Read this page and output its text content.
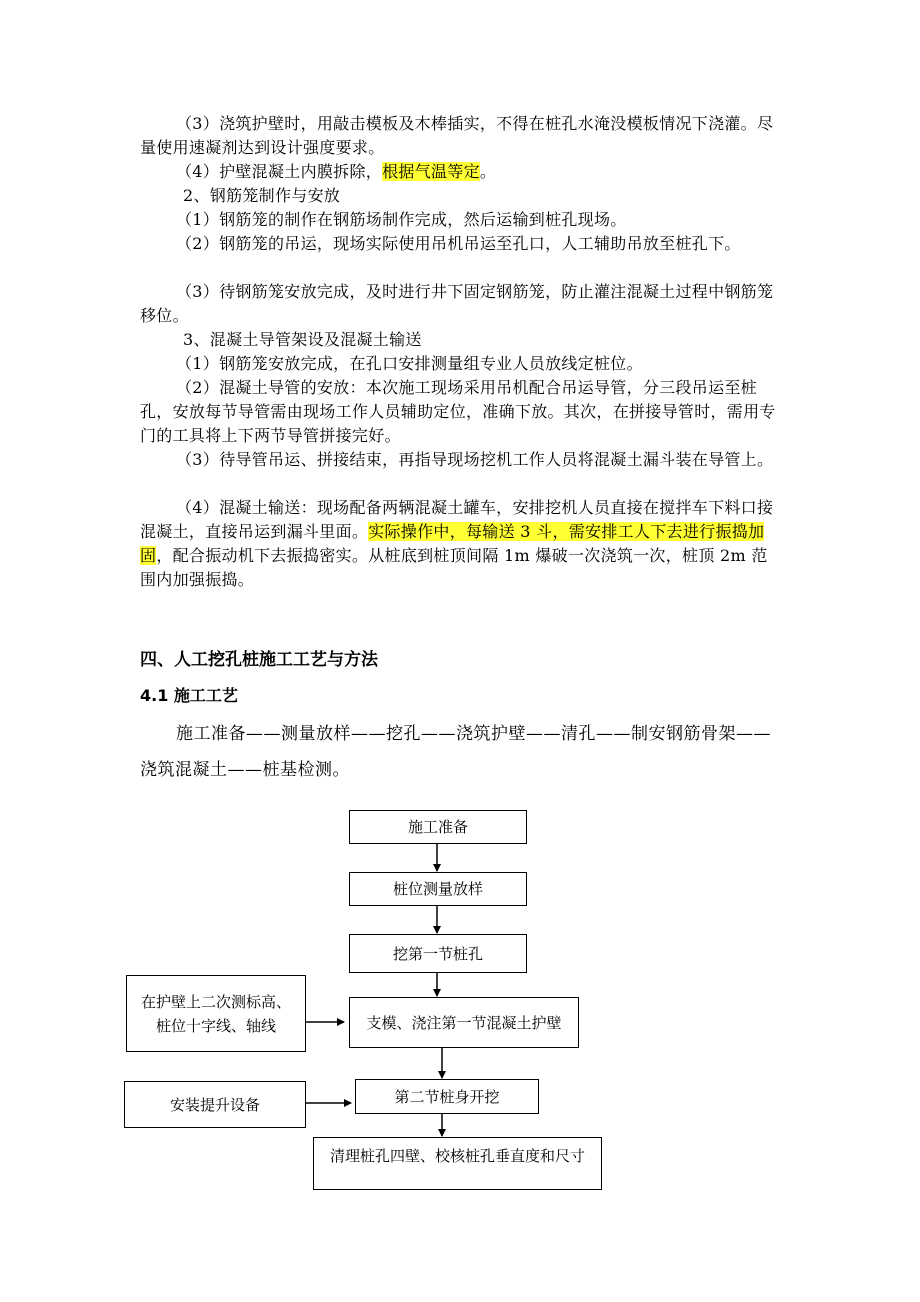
（3）浇筑护壁时，用敲击模板及木棒插实，不得在桩孔水淹没模板情况下浇灌。尽量使用速凝剂达到设计强度要求。

（4）护壁混凝土内膜拆除，根据气温等定。

2、钢筋笼制作与安放

（1）钢筋笼的制作在钢筋场制作完成，然后运输到桩孔现场。

（2）钢筋笼的吊运，现场实际使用吊机吊运至孔口，人工辅助吊放至桩孔下。

（3）待钢筋笼安放完成，及时进行井下固定钢筋笼，防止灌注混凝土过程中钢筋笼移位。

3、混凝土导管架设及混凝土输送

（1）钢筋笼安放完成，在孔口安排测量组专业人员放线定桩位。

（2）混凝土导管的安放：本次施工现场采用吊机配合吊运导管，分三段吊运至桩孔，安放每节导管需由现场工作人员辅助定位，准确下放。其次，在拼接导管时，需用专门的工具将上下两节导管拼接完好。

（3）待导管吊运、拼接结束，再指导现场挖机工作人员将混凝土漏斗装在导管上。

（4）混凝土输送：现场配备两辆混凝土罐车，安排挖机人员直接在搅拌车下料口接混凝土，直接吊运到漏斗里面。实际操作中，每输送 3 斗，需安排工人下去进行振捣加固，配合振动机下去振捣密实。从桩底到桩顶间隔 1m 爆破一次浇筑一次，桩顶 2m 范围内加强振捣。

四、人工挖孔桩施工工艺与方法
4.1 施工工艺

施工准备——测量放样——挖孔——浇筑护壁——清孔——制安钢筋骨架——浇筑混凝土——桩基检测。

施工准备
桩位测量放样
挖第一节桩孔
在护壁上二次测标高、
桩位十字线、轴线	支模、浇注第一节混凝土护壁
安装提升设备	第二节桩身开挖
清理桩孔四壁、校核桩孔垂直度和尺寸
